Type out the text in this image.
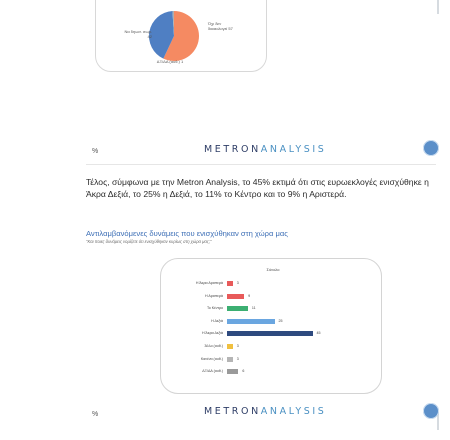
Να δηωσ. σωρ.
42
Όχι δεν
δικαιολογεί 57
ΔΞ/ΔΑ (αυθ.) 1
%	METRONANALYSIS
Τέλος, σύμφωνα με την Metron Analysis, το 45% εκτιμά ότι στις ευρωεκλογές ενισχύθηκε η Άκρα Δεξιά, το 25% η Δεξιά, το 11% το Κέντρο και το 9% η Αριστερά.
Αντιλαμβανόμενες δυνάμεις που ενισχύθηκαν στη χώρα μας
"Και ποιες δυνάμεις νομίζετε ότι ενισχύθηκαν κυρίως στη χώρα μας;"
Σύνολο
Η Άκρα Αριστερά	3
Η Αριστερά	9
Το Κέντρο	11
Η Δεξιά	25
Η Άκρα Δεξιά	45
Άλλο (αυθ.)	3
Κανένα (αυθ.)	3
ΔΞ/ΔΑ (αυθ.)	6
%	METRONANALYSIS
